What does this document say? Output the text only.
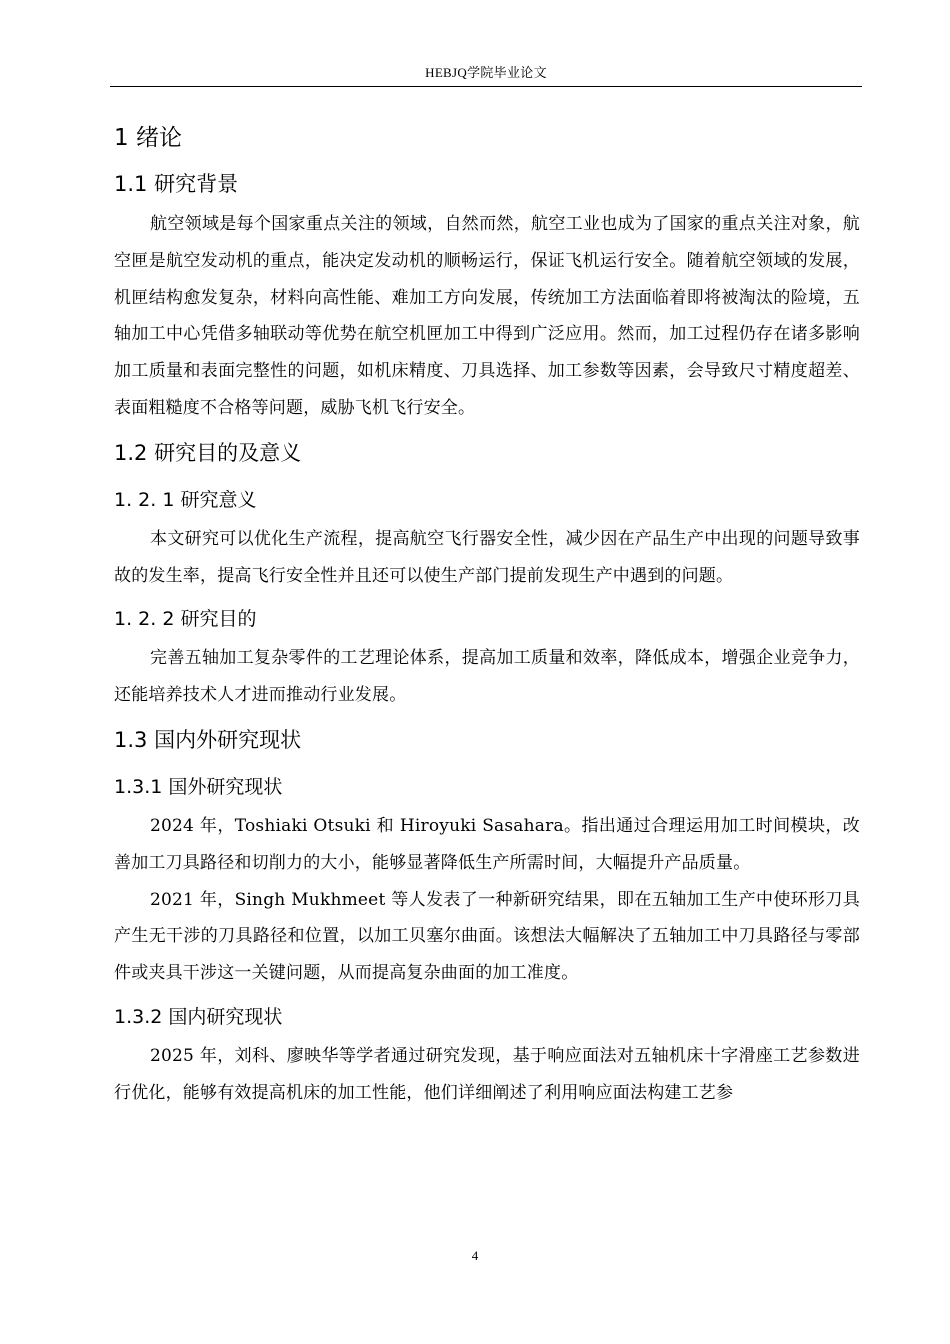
HEBJQ学院毕业论文
1 绪论
1.1 研究背景

航空领域是每个国家重点关注的领域，自然而然，航空工业也成为了国家的重点关注对象，航空匣是航空发动机的重点，能决定发动机的顺畅运行，保证飞机运行安全。随着航空领域的发展，机匣结构愈发复杂，材料向高性能、难加工方向发展，传统加工方法面临着即将被淘汰的险境，五轴加工中心凭借多轴联动等优势在航空机匣加工中得到广泛应用。然而，加工过程仍存在诸多影响加工质量和表面完整性的问题，如机床精度、刀具选择、加工参数等因素，会导致尺寸精度超差、表面粗糙度不合格等问题，威胁飞机飞行安全。

1.2 研究目的及意义
1. 2. 1 研究意义

本文研究可以优化生产流程，提高航空飞行器安全性，减少因在产品生产中出现的问题导致事故的发生率，提高飞行安全性并且还可以使生产部门提前发现生产中遇到的问题。

1. 2. 2 研究目的

完善五轴加工复杂零件的工艺理论体系，提高加工质量和效率，降低成本，增强企业竞争力，还能培养技术人才进而推动行业发展。

1.3 国内外研究现状
1.3.1 国外研究现状

2024 年，Toshiaki Otsuki 和 Hiroyuki Sasahara。指出通过合理运用加工时间模块，改善加工刀具路径和切削力的大小，能够显著降低生产所需时间，大幅提升产品质量。

2021 年，Singh Mukhmeet 等人发表了一种新研究结果，即在五轴加工生产中使环形刀具产生无干涉的刀具路径和位置，以加工贝塞尔曲面。该想法大幅解决了五轴加工中刀具路径与零部件或夹具干涉这一关键问题，从而提高复杂曲面的加工准度。

1.3.2 国内研究现状

2025 年，刘科、廖映华等学者通过研究发现，基于响应面法对五轴机床十字滑座工艺参数进行优化，能够有效提高机床的加工性能，他们详细阐述了利用响应面法构建工艺参

4
